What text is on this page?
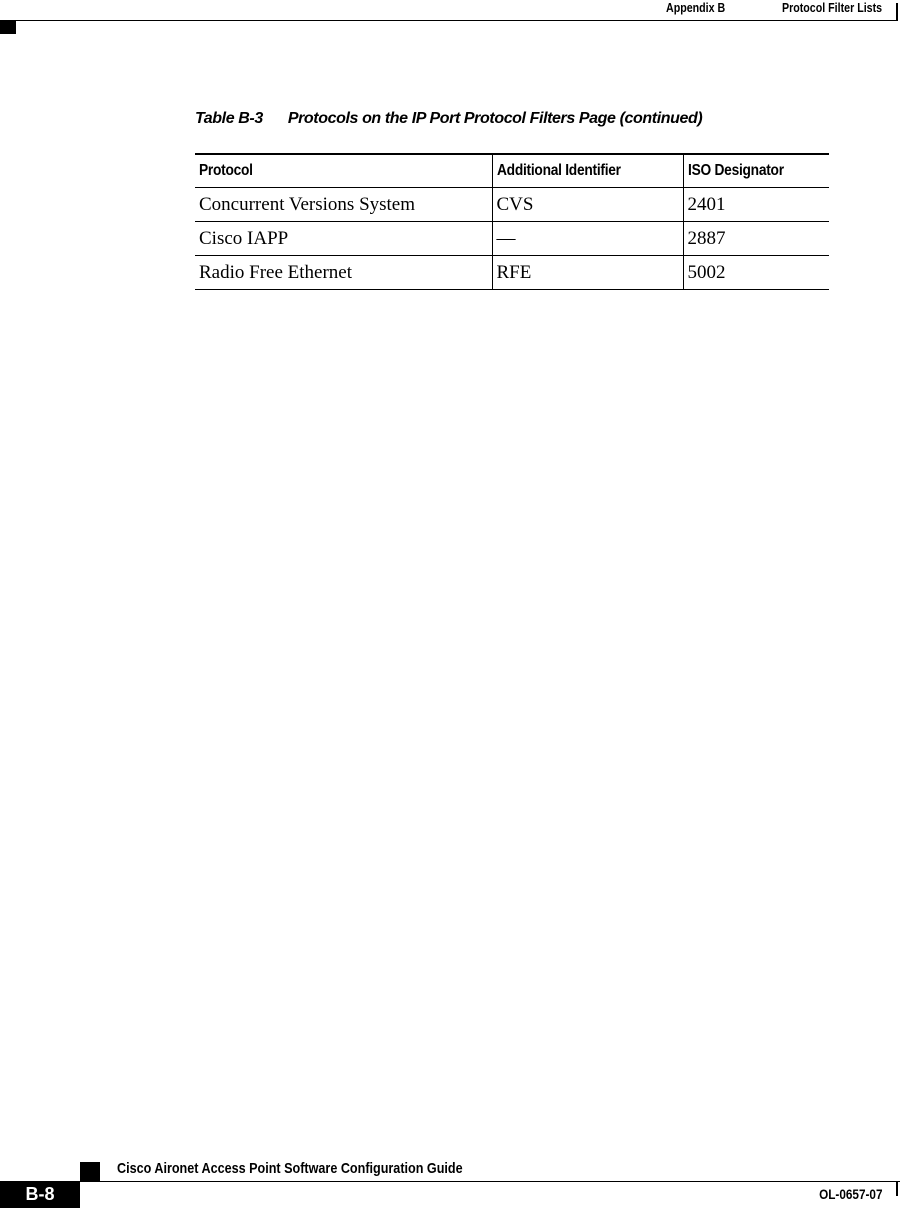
Appendix B	Protocol Filter Lists
Table B-3 Protocols on the IP Port Protocol Filters Page (continued)
Protocol	Additional Identifier	ISO Designator
Concurrent Versions System	CVS	2401
Cisco IAPP	—	2887
Radio Free Ethernet	RFE	5002
Cisco Aironet Access Point Software Configuration Guide
B-8	OL-0657-07
